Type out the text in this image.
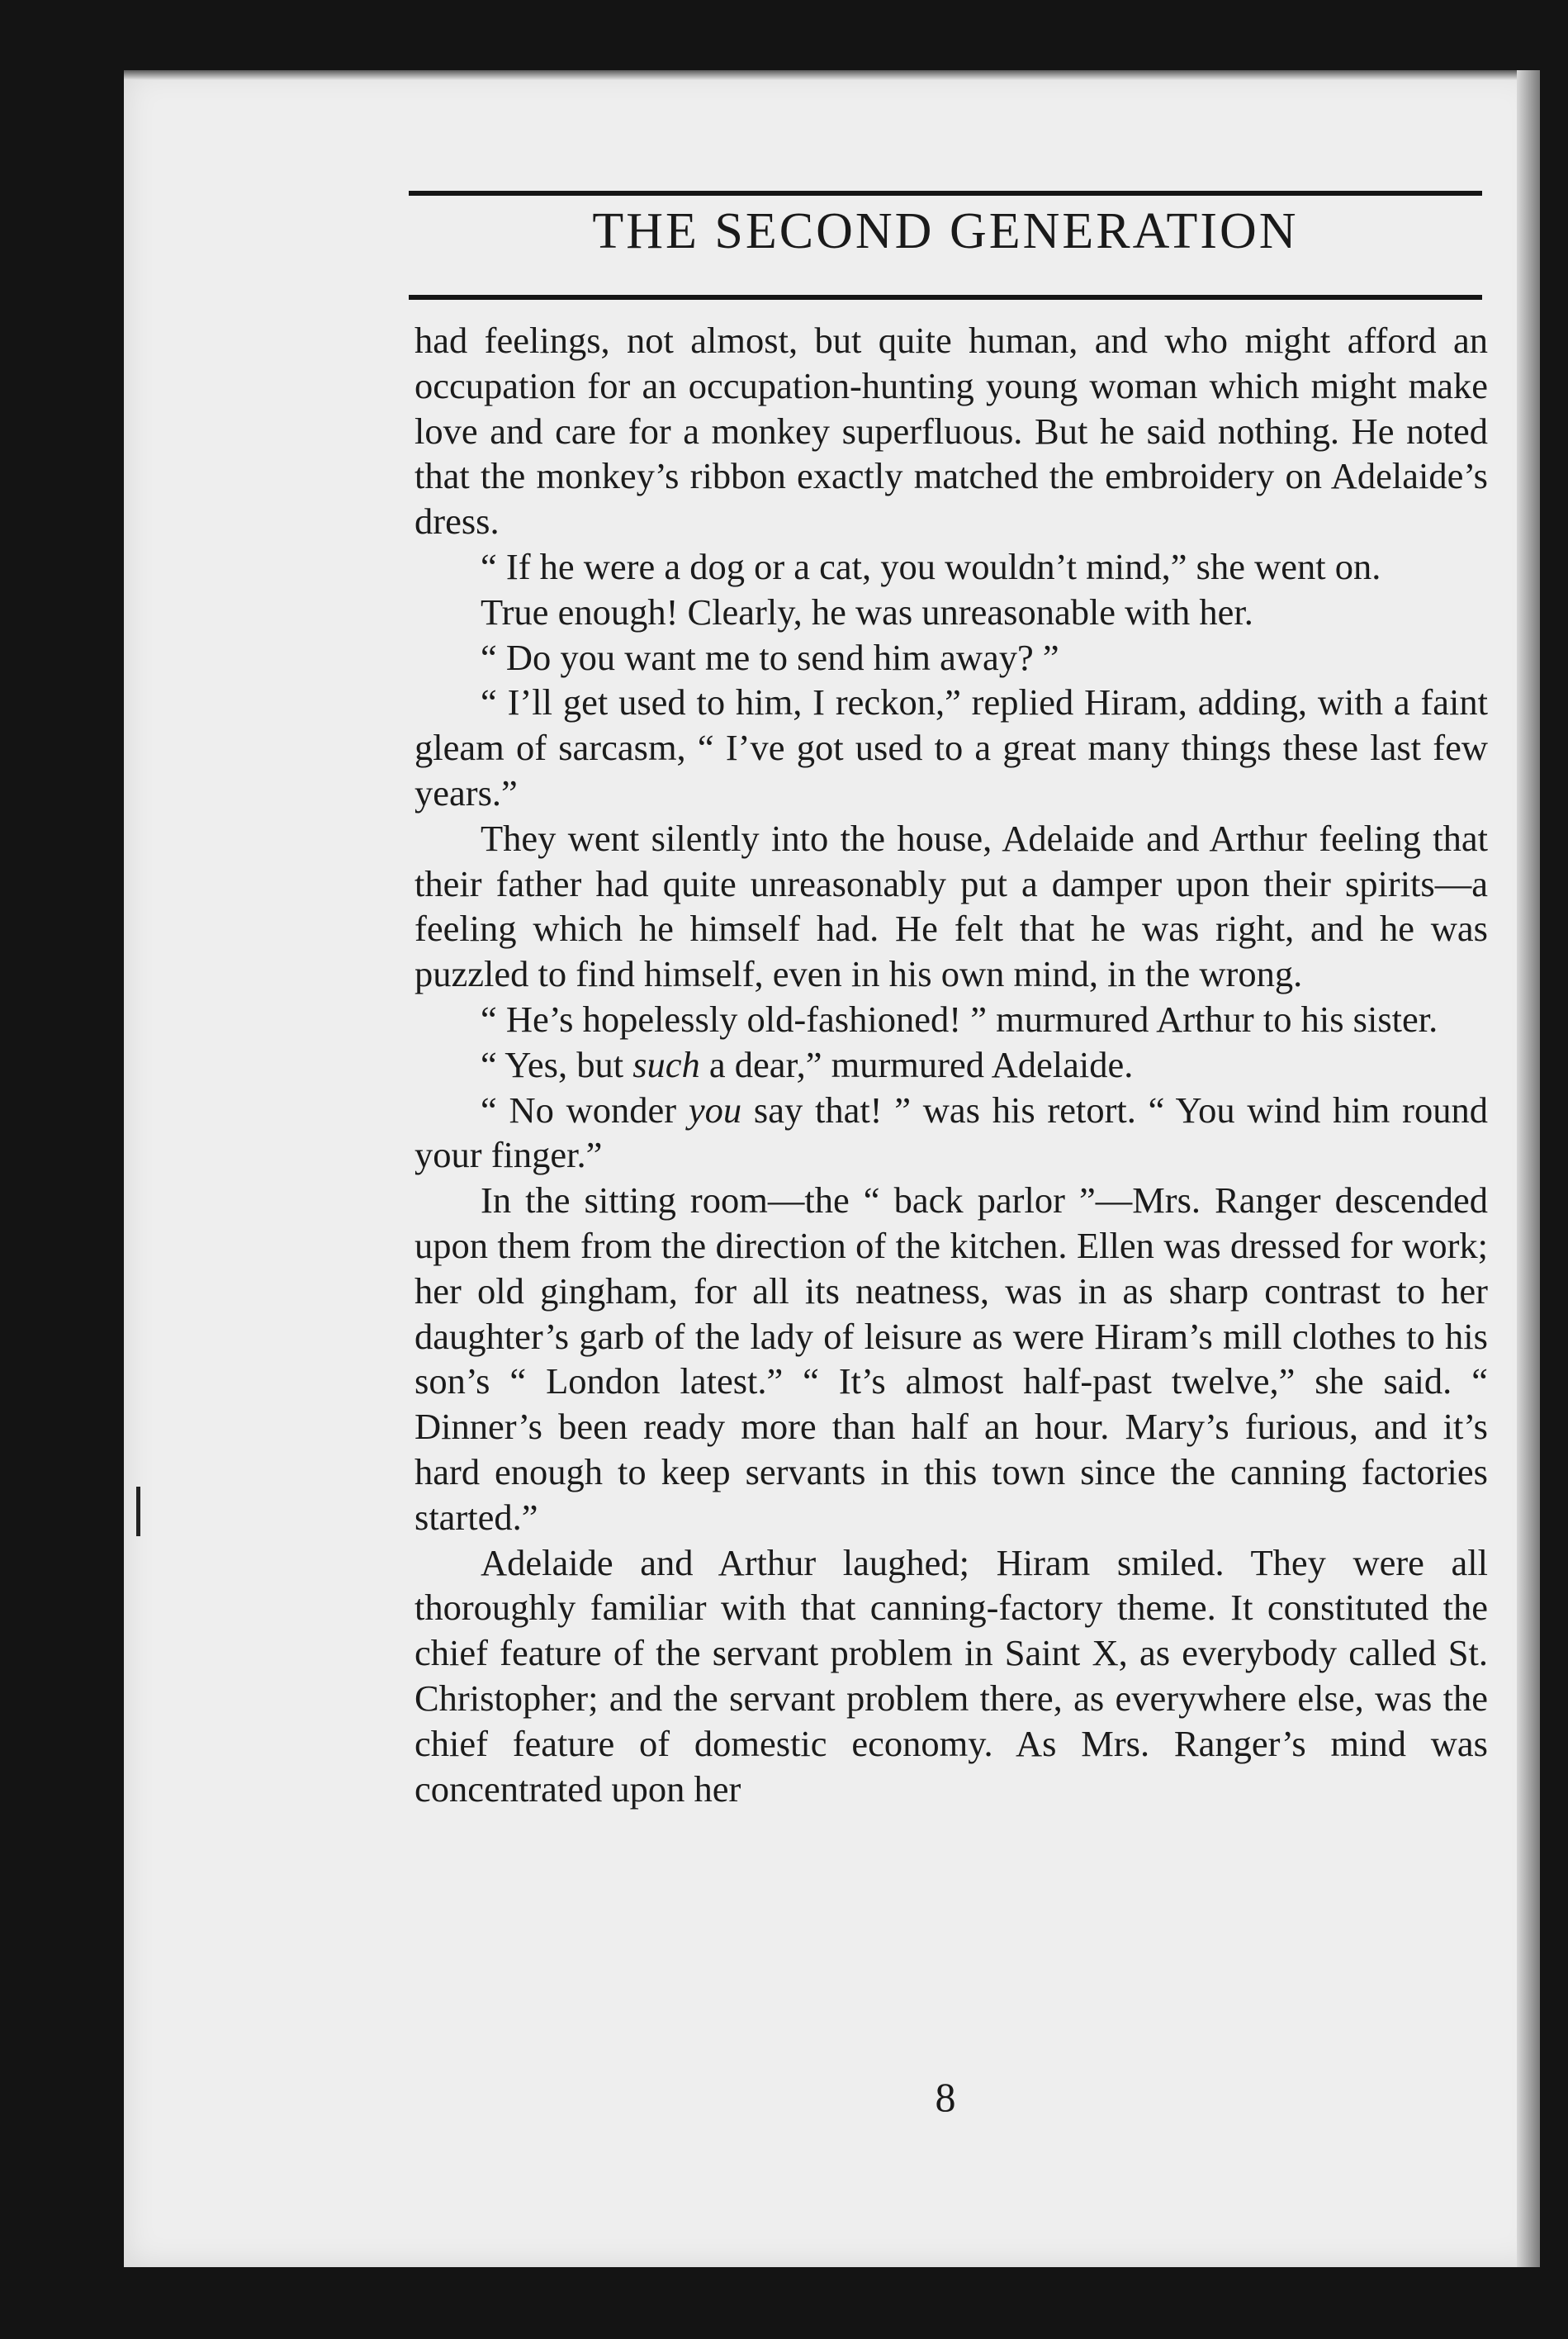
THE SECOND GENERATION

had feelings, not almost, but quite human, and who might afford an occupation for an occupation-hunting young woman which might make love and care for a monkey superfluous. But he said nothing. He noted that the monkey’s ribbon exactly matched the embroidery on Adelaide’s dress.

“ If he were a dog or a cat, you wouldn’t mind,” she went on.

True enough! Clearly, he was unreasonable with her.

“ Do you want me to send him away? ”

“ I’ll get used to him, I reckon,” replied Hiram, adding, with a faint gleam of sarcasm, “ I’ve got used to a great many things these last few years.”

They went silently into the house, Adelaide and Arthur feeling that their father had quite unreasonably put a damper upon their spirits—a feeling which he himself had. He felt that he was right, and he was puzzled to find himself, even in his own mind, in the wrong.

“ He’s hopelessly old-fashioned! ” murmured Arthur to his sister.

“ Yes, but such a dear,” murmured Adelaide.

“ No wonder you say that! ” was his retort. “ You wind him round your finger.”

In the sitting room—the “ back parlor ”—Mrs. Ranger descended upon them from the direction of the kitchen. Ellen was dressed for work; her old gingham, for all its neatness, was in as sharp contrast to her daughter’s garb of the lady of leisure as were Hiram’s mill clothes to his son’s “ London latest.” “ It’s almost half-past twelve,” she said. “ Dinner’s been ready more than half an hour. Mary’s furious, and it’s hard enough to keep servants in this town since the canning factories started.”

Adelaide and Arthur laughed; Hiram smiled. They were all thoroughly familiar with that canning-factory theme. It constituted the chief feature of the servant problem in Saint X, as everybody called St. Christopher; and the servant problem there, as everywhere else, was the chief feature of domestic economy. As Mrs. Ranger’s mind was concentrated upon her

8
